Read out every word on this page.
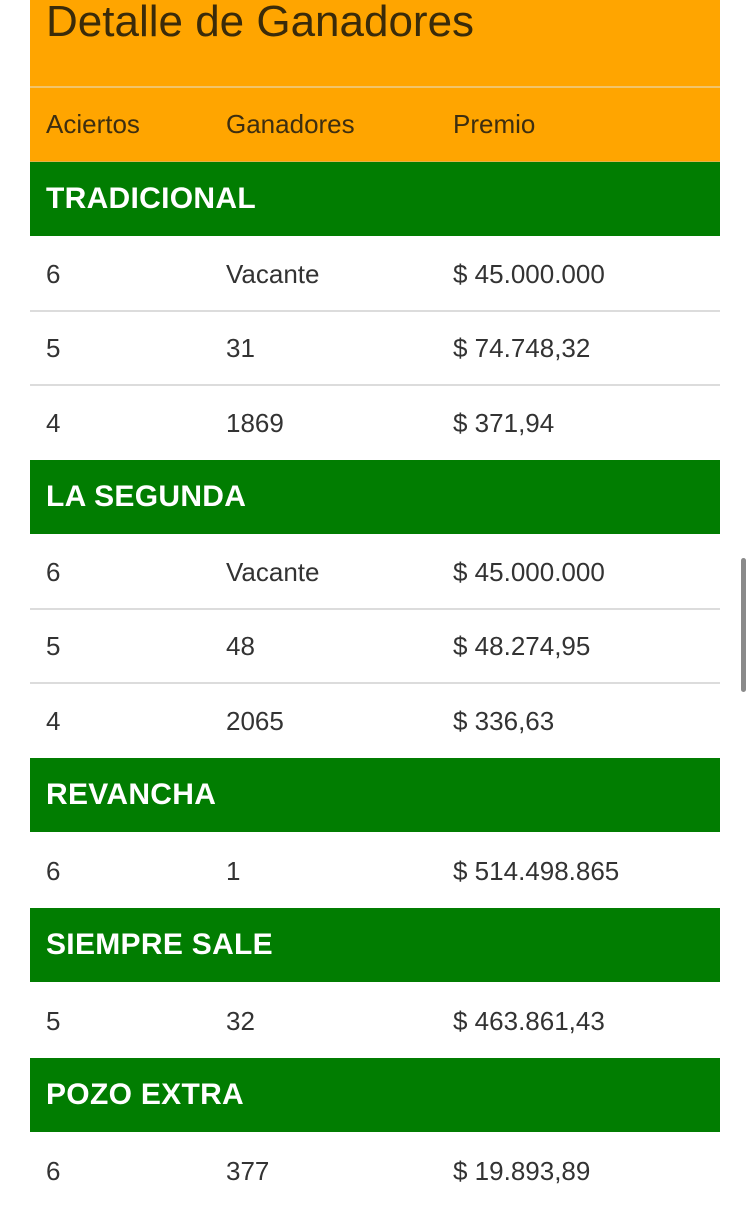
Detalle de Ganadores
Aciertos	Ganadores	Premio
TRADICIONAL
6	Vacante	$ 45.000.000
5	31	$ 74.748,32
4	1869	$ 371,94
LA SEGUNDA
6	Vacante	$ 45.000.000
5	48	$ 48.274,95
4	2065	$ 336,63
REVANCHA
6	1	$ 514.498.865
SIEMPRE SALE
5	32	$ 463.861,43
POZO EXTRA
6	377	$ 19.893,89
